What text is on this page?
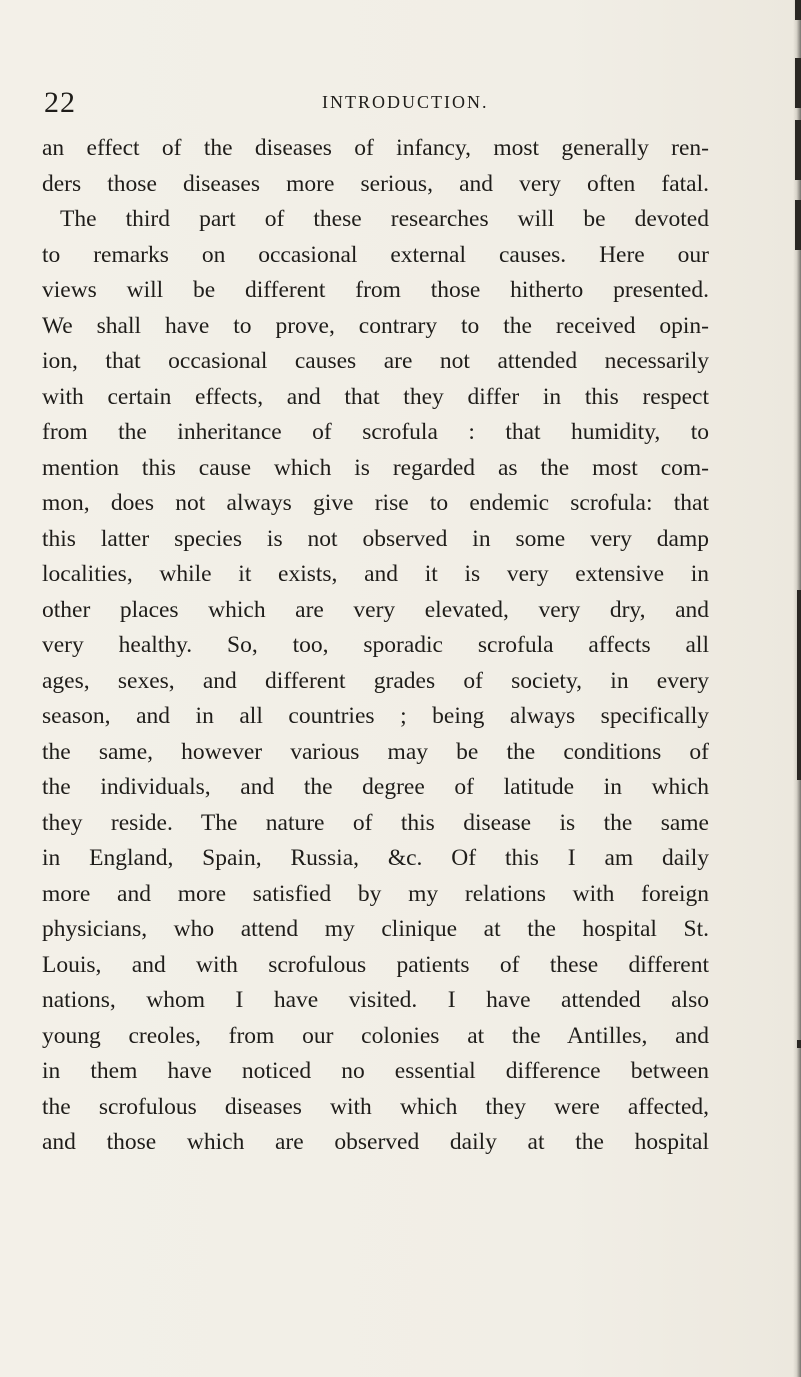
22	INTRODUCTION.
an effect of the diseases of infancy, most generally ren-
ders those diseases more serious, and very often fatal.
The third part of these researches will be devoted
to remarks on occasional external causes. Here our
views will be different from those hitherto presented.
We shall have to prove, contrary to the received opin-
ion, that occasional causes are not attended necessarily
with certain effects, and that they differ in this respect
from the inheritance of scrofula : that humidity, to
mention this cause which is regarded as the most com-
mon, does not always give rise to endemic scrofula: that
this latter species is not observed in some very damp
localities, while it exists, and it is very extensive in
other places which are very elevated, very dry, and
very healthy. So, too, sporadic scrofula affects all
ages, sexes, and different grades of society, in every
season, and in all countries ; being always specifically
the same, however various may be the conditions of
the individuals, and the degree of latitude in which
they reside. The nature of this disease is the same
in England, Spain, Russia, &c. Of this I am daily
more and more satisfied by my relations with foreign
physicians, who attend my clinique at the hospital St.
Louis, and with scrofulous patients of these different
nations, whom I have visited. I have attended also
young creoles, from our colonies at the Antilles, and
in them have noticed no essential difference between
the scrofulous diseases with which they were affected,
and those which are observed daily at the hospital
